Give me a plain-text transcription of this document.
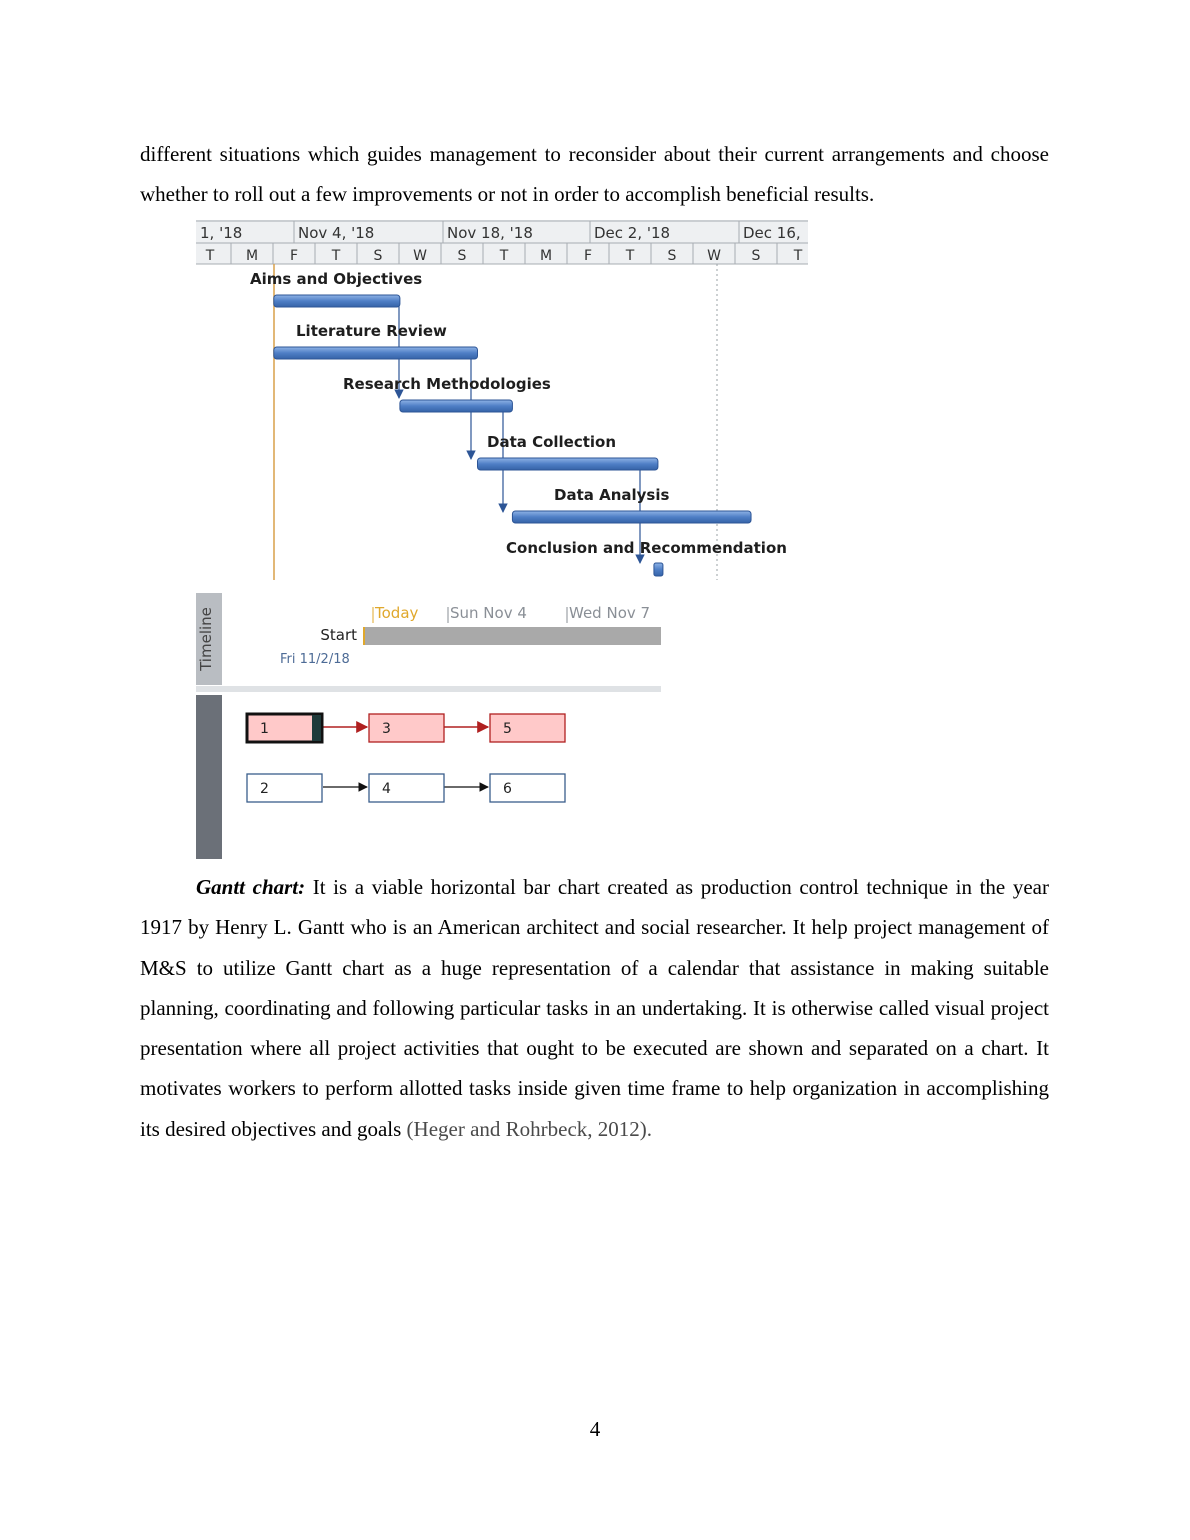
different situations which guides management to reconsider about their current arrangements and choose whether to roll out a few improvements or not in order to accomplish beneficial results.

1, '18	Nov 4, '18	Nov 18, '18	Dec 2, '18	Dec 16,
T M F T S W S T M F T S W S T
Aims and Objectives
Literature Review
Research Methodologies
Data Collection
Data Analysis
Conclusion and Recommendation
Timeline	Today Sun Nov 4	Wed Nov 7
Start
Fri 11/2/18
1	3	5
2	4	6

Gantt chart: It is a viable horizontal bar chart created as production control technique in the year 1917 by Henry L. Gantt who is an American architect and social researcher. It help project management of M&S to utilize Gantt chart as a huge representation of a calendar that assistance in making suitable planning, coordinating and following particular tasks in an undertaking. It is otherwise called visual project presentation where all project activities that ought to be executed are shown and separated on a chart. It motivates workers to perform allotted tasks inside given time frame to help organization in accomplishing its desired objectives and goals (Heger and Rohrbeck, 2012).

4
